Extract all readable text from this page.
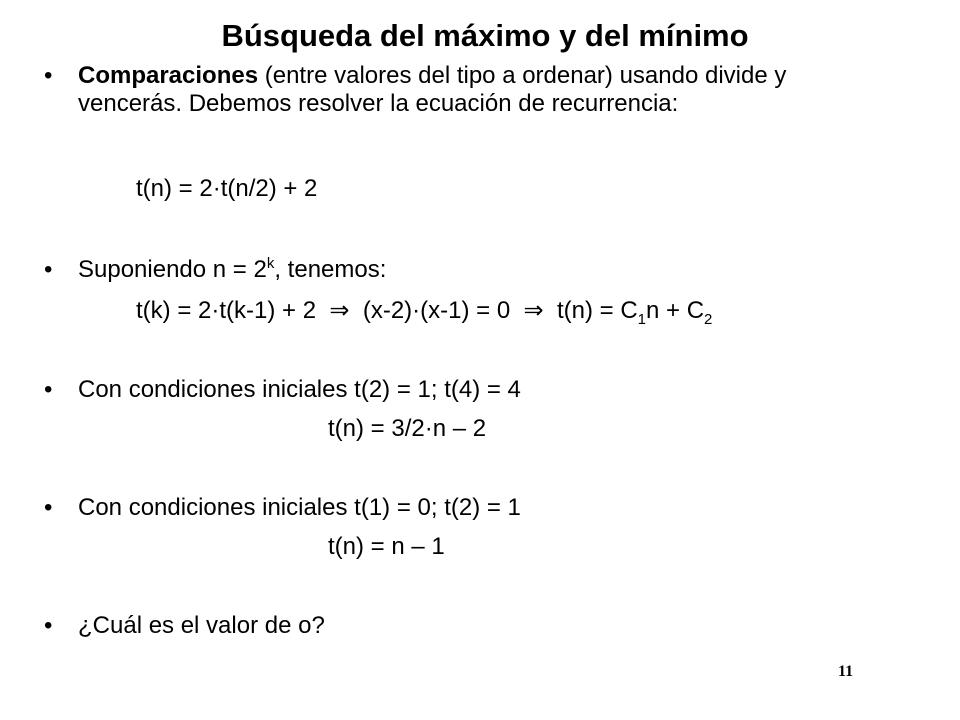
Búsqueda del máximo y del mínimo
•	Comparaciones (entre valores del tipo a ordenar) usando divide y vencerás. Debemos resolver la ecuación de recurrencia:
t(n) = 2·t(n/2) + 2
•	Suponiendo $n = 2^k$, tenemos:
t(k) = 2·t(k-1) + 2 ⇒ (x-2)·(x-1) = 0 ⇒ $t(n) = C_1n + C_2$
•	Con condiciones iniciales t(2) = 1; t(4) = 4
t(n) = 3/2·n – 2
•	Con condiciones iniciales t(1) = 0; t(2) = 1
t(n) = n – 1
•	¿Cuál es el valor de o?
11
